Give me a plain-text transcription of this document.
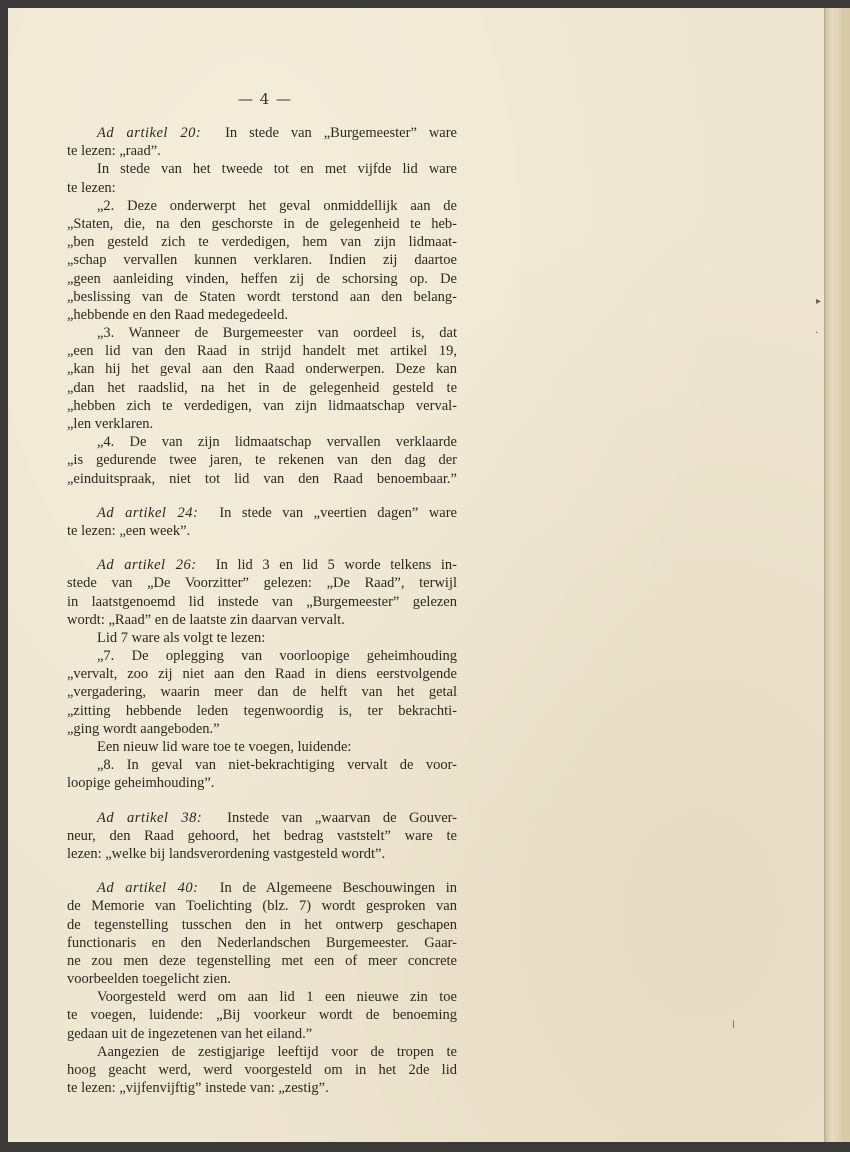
— 4 —
Ad artikel 20: In stede van „Burgemeester” ware
te lezen: „raad”.
In stede van het tweede tot en met vijfde lid ware
te lezen:
„2. Deze onderwerpt het geval onmiddellijk aan de
„Staten, die, na den geschorste in de gelegenheid te heb-
„ben gesteld zich te verdedigen, hem van zijn lidmaat-
„schap vervallen kunnen verklaren. Indien zij daartoe
„geen aanleiding vinden, heffen zij de schorsing op. De
„beslissing van de Staten wordt terstond aan den belang-
„hebbende en den Raad medegedeeld.
„3. Wanneer de Burgemeester van oordeel is, dat
„een lid van den Raad in strijd handelt met artikel 19,
„kan hij het geval aan den Raad onderwerpen. Deze kan
„dan het raadslid, na het in de gelegenheid gesteld te
„hebben zich te verdedigen, van zijn lidmaatschap verval-
„len verklaren.
„4. De van zijn lidmaatschap vervallen verklaarde
„is gedurende twee jaren, te rekenen van den dag der
„einduitspraak, niet tot lid van den Raad benoembaar.”
Ad artikel 24: In stede van „veertien dagen” ware
te lezen: „een week”.
Ad artikel 26: In lid 3 en lid 5 worde telkens in-
stede van „De Voorzitter” gelezen: „De Raad”, terwijl
in laatstgenoemd lid instede van „Burgemeester” gelezen
wordt: „Raad” en de laatste zin daarvan vervalt.
Lid 7 ware als volgt te lezen:
„7. De oplegging van voorloopige geheimhouding
„vervalt, zoo zij niet aan den Raad in diens eerstvolgende
„vergadering, waarin meer dan de helft van het getal
„zitting hebbende leden tegenwoordig is, ter bekrachti-
„ging wordt aangeboden.”
Een nieuw lid ware toe te voegen, luidende:
„8. In geval van niet-bekrachtiging vervalt de voor-
loopige geheimhouding”.
Ad artikel 38: Instede van „waarvan de Gouver-
neur, den Raad gehoord, het bedrag vaststelt” ware te
lezen: „welke bij landsverordening vastgesteld wordt”.
Ad artikel 40: In de Algemeene Beschouwingen in
de Memorie van Toelichting (blz. 7) wordt gesproken van
de tegenstelling tusschen den in het ontwerp geschapen
functionaris en den Nederlandschen Burgemeester. Gaar-
ne zou men deze tegenstelling met een of meer concrete
voorbeelden toegelicht zien.
Voorgesteld werd om aan lid 1 een nieuwe zin toe
te voegen, luidende: „Bij voorkeur wordt de benoeming
gedaan uit de ingezetenen van het eiland.”
Aangezien de zestigjarige leeftijd voor de tropen te
hoog geacht werd, werd voorgesteld om in het 2de lid
te lezen: „vijfenvijftig” instede van: „zestig”.
▸
·
ǀ
